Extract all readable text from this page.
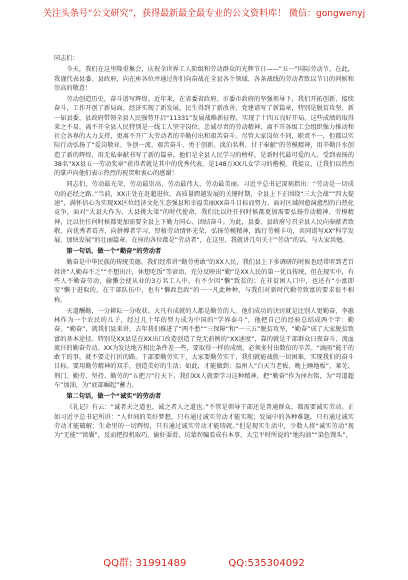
关注头条号“公文研究”，获得最新最全最专业的公文资料库！ 微信：gongwenyj

同志们：

今天，我们在这里隆重集会，庆祝全世界工人阶级和劳动群众的光辉节日——“五一”国际劳动节。在此，我谨代表县委、县政府，向在座各位并通过你们向奋战在全县各个领域、各条战线的劳动者致以节日的问候和崇高的敬意！

劳动创造历史，奋斗谱写辉煌。近年来，在省委省政府、市委市政府的坚强领导下，我们开拓创新、接续奋斗，工作开创了新局面，经济实现了新发展，民生得到了新改善，党建谱写了新篇章，特别是脱贫攻坚、新一届县委、县政府带领全县人民强势开启“11331”发展战略新征程，实现了十四五良好开局。这些成绩的取得来之不易，离不开全县人民特别是一线工人坚守岗位、忠诚尽责的劳动精神，离不开各级工会组织强力推动和社会各界的大力支持，更离不开广大劳动者的辛勤付出和艰苦奋斗。尽管大家岗位不同，职责不一，但都以实际行动弘扬了“爱岗敬业、争创一流、艰苦奋斗、勇于创新、淡泊名利、甘于奉献”的劳模精神，用辛勤汗水创造了新的辉煌，用无私奉献书写了新的篇章。他们是全县人民学习的榜样，是新时代最可爱的人。受到表扬的38名“XX县五一劳动奖章”获得者就是其中的优秀代表，是148万XX儿女学习的楷模。我提议，让我们以热烈的掌声向他们表示热烈的祝贺和衷心的感谢！

同志们，劳动最光荣、劳动最崇高、劳动最伟大、劳动最美丽。习近平总书记深刻指出：“劳动是一切成功的必经之路。”当前，XX正处在赶超进位、高质量跨越发展的关键时期，全县上下正围绕“三大会战”“四大提速”，满怀信心为实现XX区位经济文化生态强县和幸福美丽XX奋斗目标而努力。面对区域间愈演愈烈的白热化竞争，面对“大县大作为、大县挑大梁”的时代使命，我们比以往任何时候都更加需要弘扬劳动精神、劳模精神，比以往任何时候都更加需要全县上下勤力同心、团结奋斗。为此，县委、县政府号召全县人民向奉献者致敬、向优秀者看齐，向拼搏者学习，厚植劳动情怀光荣，弘扬劳模精神，践行劳模卡功，共同谱写XX“科学发展、加快发展”的壮丽篇章。在座的各位都是“劳动者”，在这里，我就讲几句关于“劳动”的话，与大家共勉。

第一句话，做一个“勤奋”的劳动者

勤奋是中华民族的传统美德。我们经常讲“勤劳勇敢”的XX人民，我们县上下多调研的时候也经常听到老百姓讲“人勤春不乏”“不想出汗，休想吃饭”等谚语，充分反映出“勤”是XX人民的第一优良传统，但在现实中，有些人不勤奋劳动，偷懒会使从业的3万名工人中，有不少因“懒”致贫的；在非贫困人口中，也还有“小富即安”懒于进取的，在干部队伍中，也有“懒政怠政”的一一凡此种种，与我们对新时代勤劳致富的要求很不相称。

天道酬勤，一分耕耘一分收获。大凡有成就的人都是勤劳的人。他们成功的诀窍就是比别人更勤奋，李蕙林作为一个农民的儿子，经过几十年的努力成为中国的“学界泰斗”，他把自己的经验总结成两个字：勤奋。“勤奋”，就我们县来讲，去年我们推进了“两不愁”“三保障”和“一三五”脱贫攻坚，“勤奋”成了大家脱贫致富的基本途径。特别是XX县是在XX出口改造创造了党无前例的“XX速度”，靠的就是干部群众日夜奋斗、流血流汗的勤奋劳动。XX为发达地方相比条件差一些，要取得一样的成绩，必须多付出数倍的辛苦。“滴雨”能干的敢干的事，就不要走打折的路。干部要勤劳实干，大家要勤劳实干，我们就能战胜一切困难，实现我们的奋斗目标。要用勤劳精神的双手，创造美好的生活；如此，才能做到：温州人“白天当老板，晚上睡地板”、莱芜、荆门、勤劳、坚持、勤劳的“五把刀”打天下。我们XX人就要学习这种精神，把“勤奋”作为座右铭，为“弯道超车”加油，为“底部崛起”蓄力。

第二句话，做一个“诚实”的劳动者

《礼记》有云：“诚者天之道也，诚之者人之道也。”不管是领导干部还是普通群众，都需要诚实劳动。正如习近平总书记所讲：“人世间的美好梦想，只有通过诚实劳动才能实现；发展中的各种难题，只有通过诚实劳动才能破解；生命里的一切辉煌，只有通过诚实劳动才能铸就。”但是现实生活中，少数人将“诚实劳动”视为“无能”“窝囊”，反而把投机取巧、偷奸耍滑、坑蒙拐骗看成有本事，大宝平时所说的“地沟油”“染色馒头”，

QQ群: 31991489	QQ:535304092
